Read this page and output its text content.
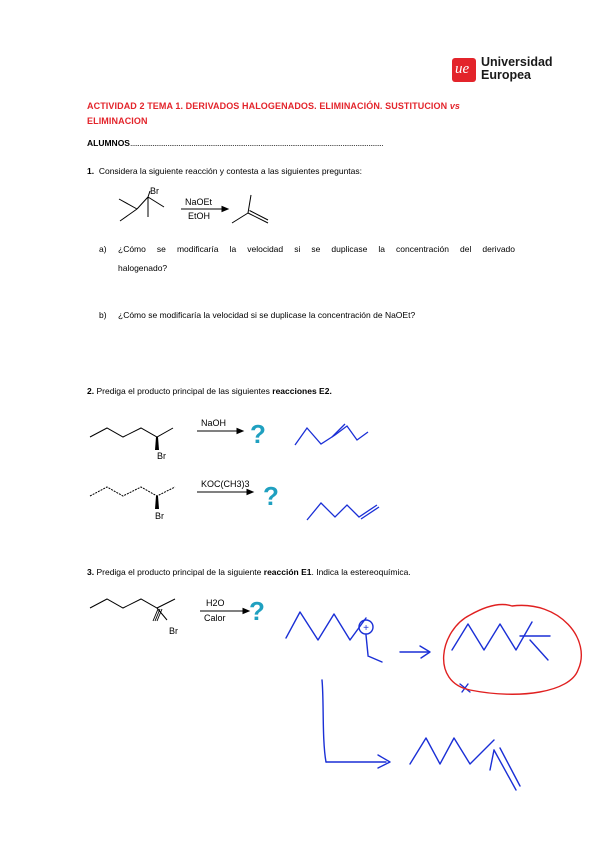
ue Universidad
Europea
ACTIVIDAD 2 TEMA 1. DERIVADOS HALOGENADOS. ELIMINACIÓN. SUSTITUCION vs
ELIMINACION
ALUMNOS........................................................................................................................................
1. Considera la siguiente reacción y contesta a las siguientes preguntas:
Br
NaOEt
EtOH
a) ¿Cómo se modificaría la velocidad si se duplicase la concentración del derivado
halogenado?
b) ¿Cómo se modificaría la velocidad si se duplicase la concentración de NaOEt?
2. Prediga el producto principal de las siguientes reacciones E2.
Br
NaOH ?
Br
KOC(CH3)3 ?
3. Prediga el producto principal de la siguiente reacción E1. Indica la estereoquímica.
Br
H2O
Calor ?
+
